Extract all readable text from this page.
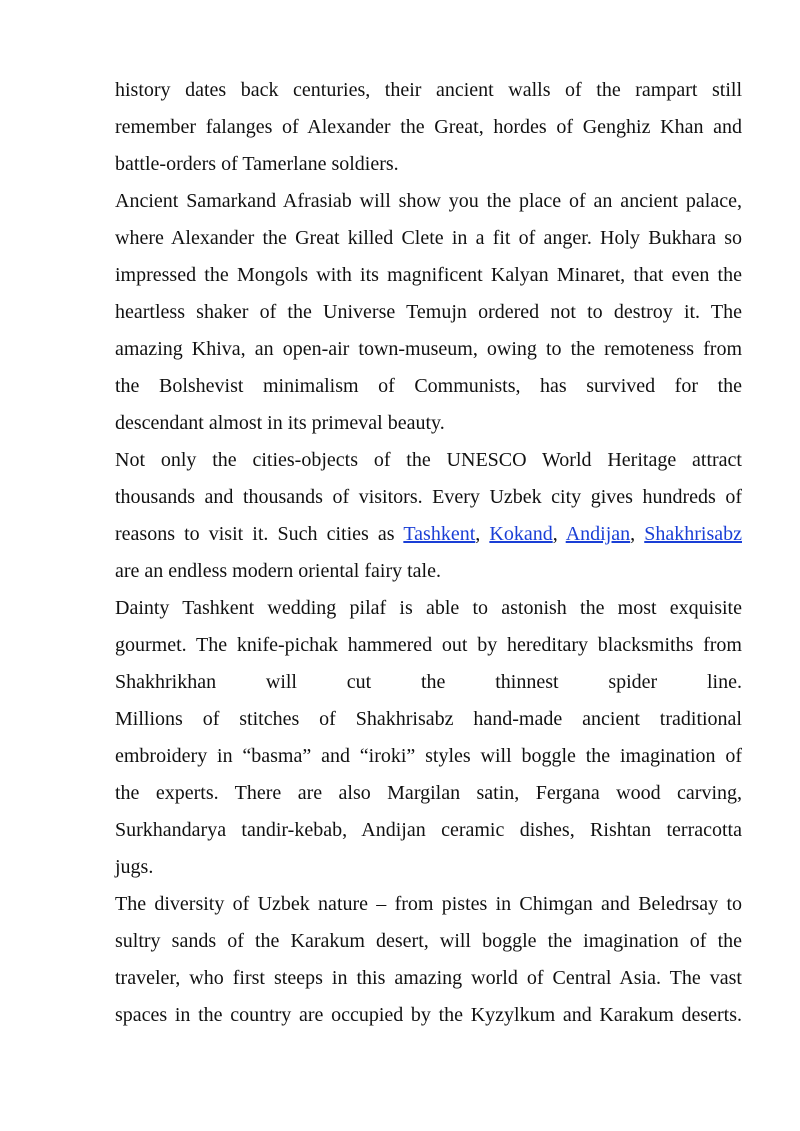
history dates back centuries, their ancient walls of the rampart still
remember falanges of Alexander the Great, hordes of Genghiz Khan and
battle-orders of Tamerlane soldiers.

Ancient Samarkand Afrasiab will show you the place of an ancient palace,
where Alexander the Great killed Clete in a fit of anger. Holy Bukhara so
impressed the Mongols with its magnificent Kalyan Minaret, that even the
heartless shaker of the Universe Temujn ordered not to destroy it. The
amazing Khiva, an open-air town-museum, owing to the remoteness from
the Bolshevist minimalism of Communists, has survived for the
descendant almost in its primeval beauty.

Not only the cities-objects of the UNESCO World Heritage attract
thousands and thousands of visitors. Every Uzbek city gives hundreds of
reasons to visit it. Such cities as Tashkent, Kokand, Andijan, Shakhrisabz
are an endless modern oriental fairy tale.

Dainty Tashkent wedding pilaf is able to astonish the most exquisite
gourmet. The knife-pichak hammered out by hereditary blacksmiths from
Shakhrikhan will cut the thinnest spider line.
Millions of stitches of Shakhrisabz hand-made ancient traditional
embroidery in “basma” and “iroki” styles will boggle the imagination of
the experts. There are also Margilan satin, Fergana wood carving,
Surkhandarya tandir-kebab, Andijan ceramic dishes, Rishtan terracotta
jugs.

The diversity of Uzbek nature – from pistes in Chimgan and Beledrsay to
sultry sands of the Karakum desert, will boggle the imagination of the
traveler, who first steeps in this amazing world of Central Asia. The vast
spaces in the country are occupied by the Kyzylkum and Karakum deserts.
